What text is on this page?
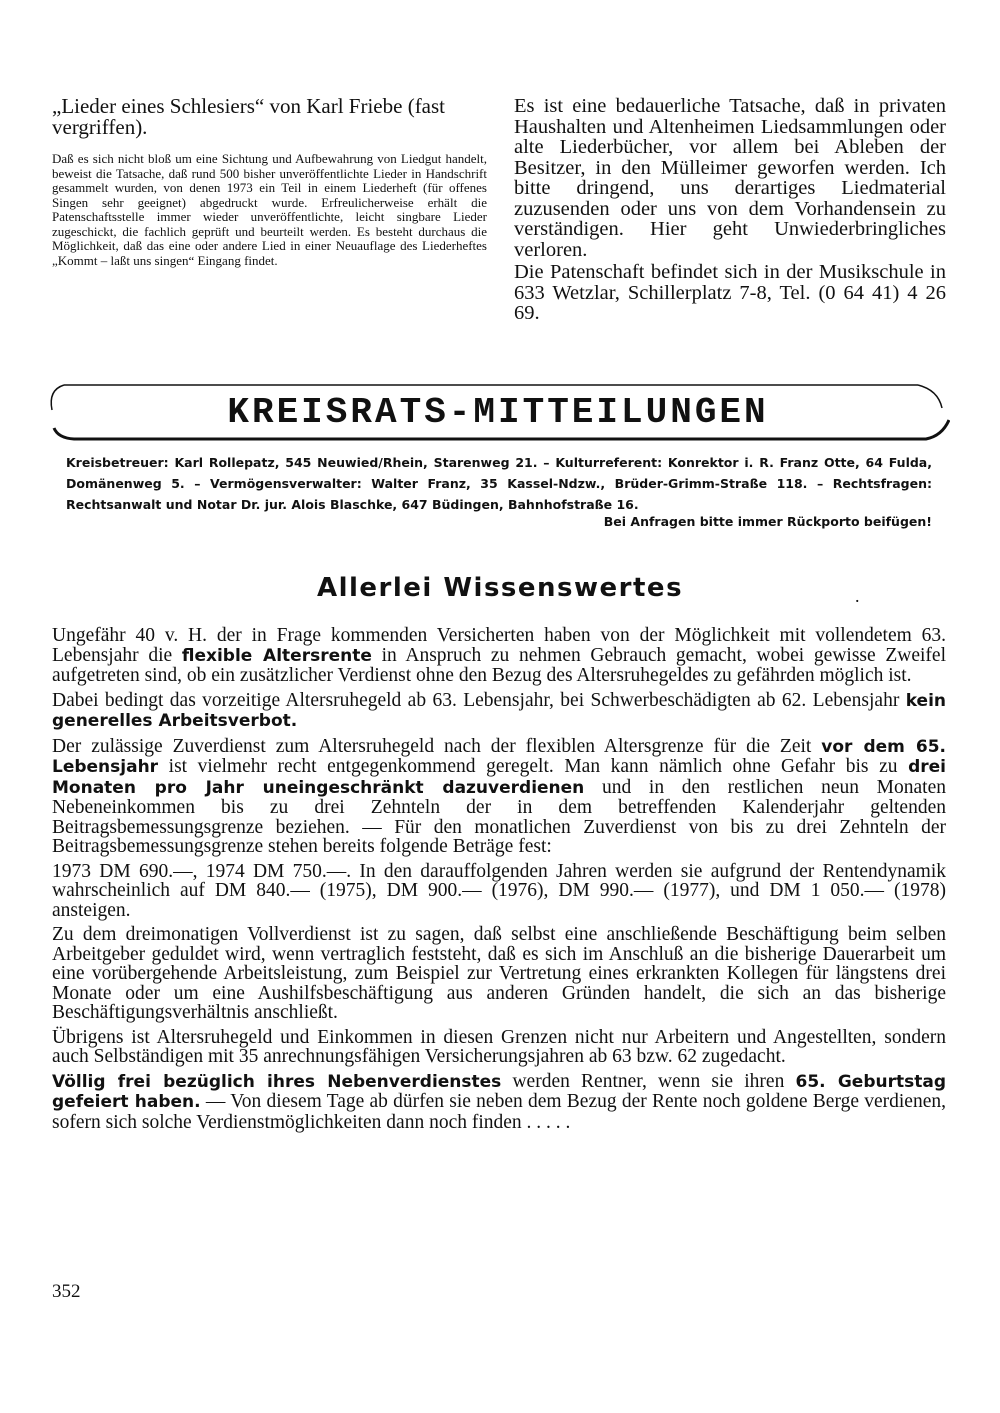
„Lieder eines Schlesiers“ von Karl Friebe (fast vergriffen).

Daß es sich nicht bloß um eine Sichtung und Aufbewahrung von Liedgut handelt, beweist die Tatsache, daß rund 500 bisher unveröffentlichte Lieder in Handschrift gesammelt wurden, von denen 1973 ein Teil in einem Liederheft (für offenes Singen sehr geeignet) abgedruckt wurde. Erfreulicherweise erhält die Patenschaftsstelle immer wieder unveröffentlichte, leicht singbare Lieder zugeschickt, die fachlich geprüft und beurteilt werden. Es besteht durchaus die Möglichkeit, daß das eine oder andere Lied in einer Neuauflage des Liederheftes „Kommt – laßt uns singen“ Eingang findet.

Es ist eine bedauerliche Tatsache, daß in privaten Haushalten und Altenheimen Liedsammlungen oder alte Liederbücher, vor allem bei Ableben der Besitzer, in den Mülleimer geworfen werden. Ich bitte dringend, uns derartiges Liedmaterial zuzusenden oder uns von dem Vorhandensein zu verständigen. Hier geht Unwiederbringliches verloren.

Die Patenschaft befindet sich in der Musikschule in 633 Wetzlar, Schillerplatz 7-8, Tel. (0 64 41) 4 26 69.

KREISRATS-MITTEILUNGEN
Kreisbetreuer: Karl Rollepatz, 545 Neuwied/Rhein, Starenweg 21. – Kulturreferent: Konrektor i. R. Franz Otte, 64 Fulda, Domänenweg 5. – Vermögensverwalter: Walter Franz, 35 Kassel-Ndzw., Brüder-Grimm-Straße 118. – Rechtsfragen: Rechtsanwalt und Notar Dr. jur. Alois Blaschke, 647 Büdingen, Bahnhofstraße 16.
Bei Anfragen bitte immer Rückporto beifügen!
Allerlei Wissenswertes	.

Ungefähr 40 v. H. der in Frage kommenden Versicherten haben von der Möglichkeit mit vollendetem 63. Lebensjahr die flexible Altersrente in Anspruch zu nehmen Gebrauch gemacht, wobei gewisse Zweifel aufgetreten sind, ob ein zusätzlicher Verdienst ohne den Bezug des Altersruhegeldes zu gefährden möglich ist.

Dabei bedingt das vorzeitige Altersruhegeld ab 63. Lebensjahr, bei Schwerbeschädigten ab 62. Lebensjahr kein generelles Arbeitsverbot.

Der zulässige Zuverdienst zum Altersruhegeld nach der flexiblen Altersgrenze für die Zeit vor dem 65. Lebensjahr ist vielmehr recht entgegenkommend geregelt. Man kann nämlich ohne Gefahr bis zu drei Monaten pro Jahr uneingeschränkt dazuverdienen und in den restlichen neun Monaten Nebeneinkommen bis zu drei Zehnteln der in dem betreffenden Kalenderjahr geltenden Beitragsbemessungsgrenze beziehen. — Für den monatlichen Zuverdienst von bis zu drei Zehnteln der Beitragsbemessungsgrenze stehen bereits folgende Beträge fest:

1973 DM 690.—, 1974 DM 750.—. In den darauffolgenden Jahren werden sie aufgrund der Rentendynamik wahrscheinlich auf DM 840.— (1975), DM 900.— (1976), DM 990.— (1977), und DM 1 050.— (1978) ansteigen.

Zu dem dreimonatigen Vollverdienst ist zu sagen, daß selbst eine anschließende Beschäftigung beim selben Arbeitgeber geduldet wird, wenn vertraglich feststeht, daß es sich im Anschluß an die bisherige Dauerarbeit um eine vorübergehende Arbeitsleistung, zum Beispiel zur Vertretung eines erkrankten Kollegen für längstens drei Monate oder um eine Aushilfsbeschäftigung aus anderen Gründen handelt, die sich an das bisherige Beschäftigungsverhältnis anschließt.

Übrigens ist Altersruhegeld und Einkommen in diesen Grenzen nicht nur Arbeitern und Angestellten, sondern auch Selbständigen mit 35 anrechnungsfähigen Versicherungsjahren ab 63 bzw. 62 zugedacht.

Völlig frei bezüglich ihres Nebenverdienstes werden Rentner, wenn sie ihren 65. Geburtstag gefeiert haben. — Von diesem Tage ab dürfen sie neben dem Bezug der Rente noch goldene Berge verdienen, sofern sich solche Verdienstmöglichkeiten dann noch finden . . . . .

352
